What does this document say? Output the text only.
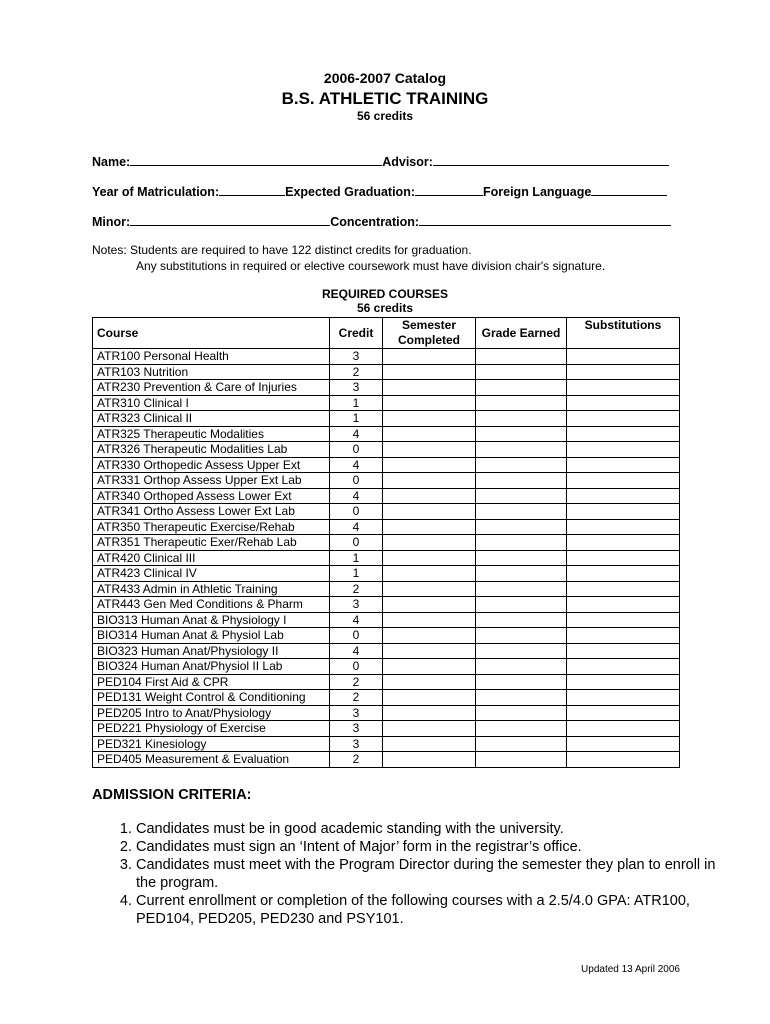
2006-2007 Catalog
B.S. ATHLETIC TRAINING
56 credits
Name:	Advisor:
Year of Matriculation:	Expected Graduation:	Foreign Language
Minor:	Concentration:
Notes: Students are required to have 122 distinct credits for graduation.
Any substitutions in required or elective coursework must have division chair's signature.
REQUIRED COURSES
56 credits
Course	Credit	Semester Completed	Grade Earned	Substitutions
ATR100 Personal Health	3			
ATR103 Nutrition	2			
ATR230 Prevention & Care of Injuries	3			
ATR310 Clinical I	1			
ATR323 Clinical II	1			
ATR325 Therapeutic Modalities	4			
ATR326 Therapeutic Modalities Lab	0			
ATR330 Orthopedic Assess Upper Ext	4			
ATR331 Orthop Assess Upper Ext Lab	0			
ATR340 Orthoped Assess Lower Ext	4			
ATR341 Ortho Assess Lower Ext Lab	0			
ATR350 Therapeutic Exercise/Rehab	4			
ATR351 Therapeutic Exer/Rehab Lab	0			
ATR420 Clinical III	1			
ATR423 Clinical IV	1			
ATR433 Admin in Athletic Training	2			
ATR443 Gen Med Conditions & Pharm	3			
BIO313 Human Anat & Physiology I	4			
BIO314 Human Anat & Physiol Lab	0			
BIO323 Human Anat/Physiology II	4			
BIO324 Human Anat/Physiol II Lab	0			
PED104 First Aid & CPR	2			
PED131 Weight Control & Conditioning	2			
PED205 Intro to Anat/Physiology	3			
PED221 Physiology of Exercise	3			
PED321 Kinesiology	3			
PED405 Measurement & Evaluation	2			
ADMISSION CRITERIA:
1. Candidates must be in good academic standing with the university.
2. Candidates must sign an ‘Intent of Major’ form in the registrar’s office.
3. Candidates must meet with the Program Director during the semester they plan to enroll in the program.
4. Current enrollment or completion of the following courses with a 2.5/4.0 GPA: ATR100, PED104, PED205, PED230 and PSY101.
Updated 13 April 2006
